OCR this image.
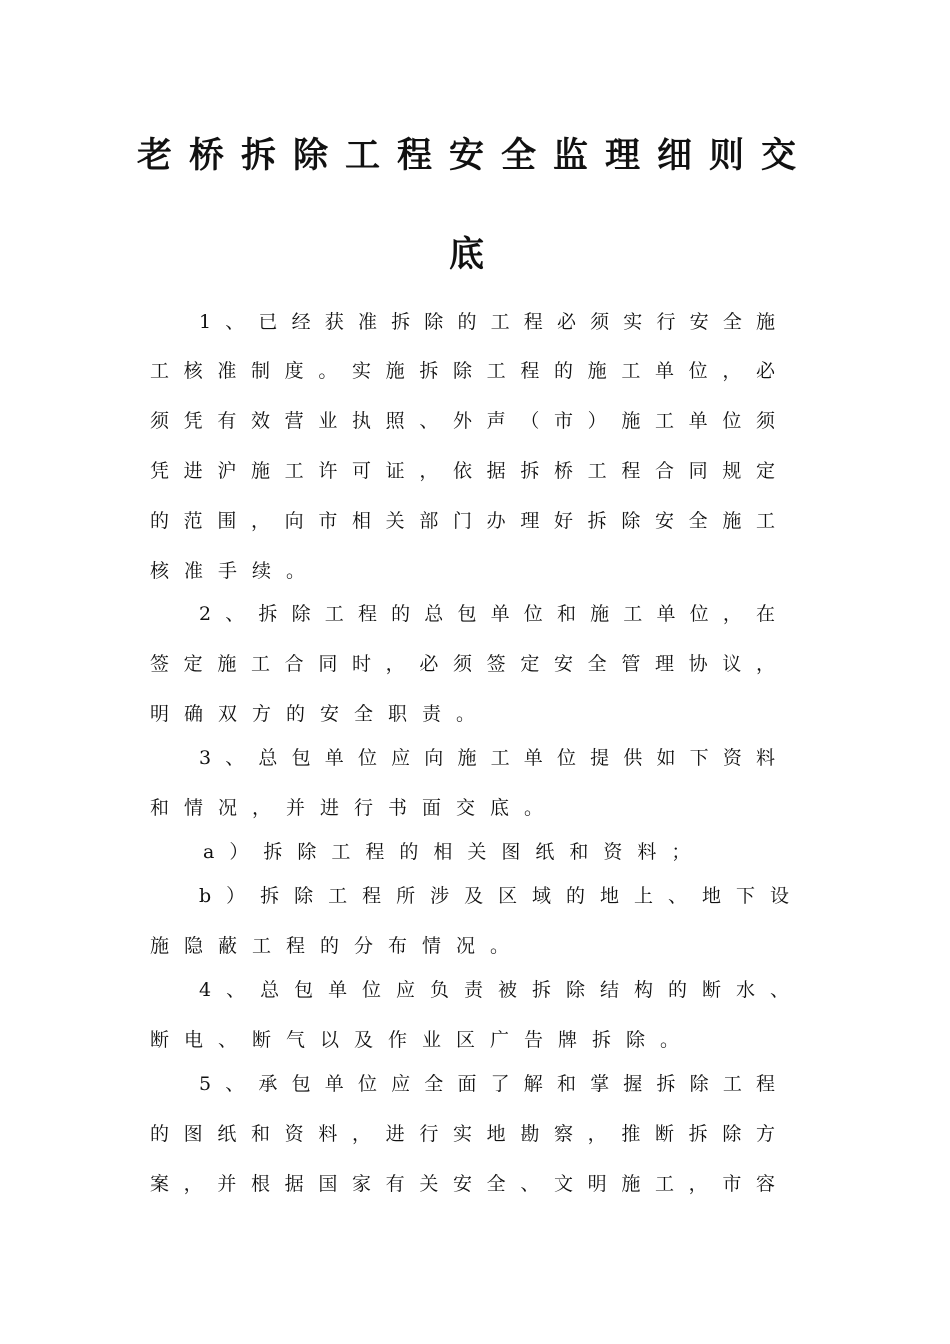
老桥拆除工程安全监理细则交
底
1、已经获准拆除的工程必须实行安全施
工核准制度。实施拆除工程的施工单位，必
须凭有效营业执照、外声（市）施工单位须
凭进沪施工许可证，依据拆桥工程合同规定
的范围，向市相关部门办理好拆除安全施工
核准手续。
2、拆除工程的总包单位和施工单位，在
签定施工合同时，必须签定安全管理协议，
明确双方的安全职责。
3、总包单位应向施工单位提供如下资料
和情况，并进行书面交底。
a）拆除工程的相关图纸和资料；
b）拆除工程所涉及区域的地上、地下设
施隐蔽工程的分布情况。
4、总包单位应负责被拆除结构的断水、
断电、断气以及作业区广告牌拆除。
5、承包单位应全面了解和掌握拆除工程
的图纸和资料，进行实地勘察，推断拆除方
案，并根据国家有关安全、文明施工，市容
